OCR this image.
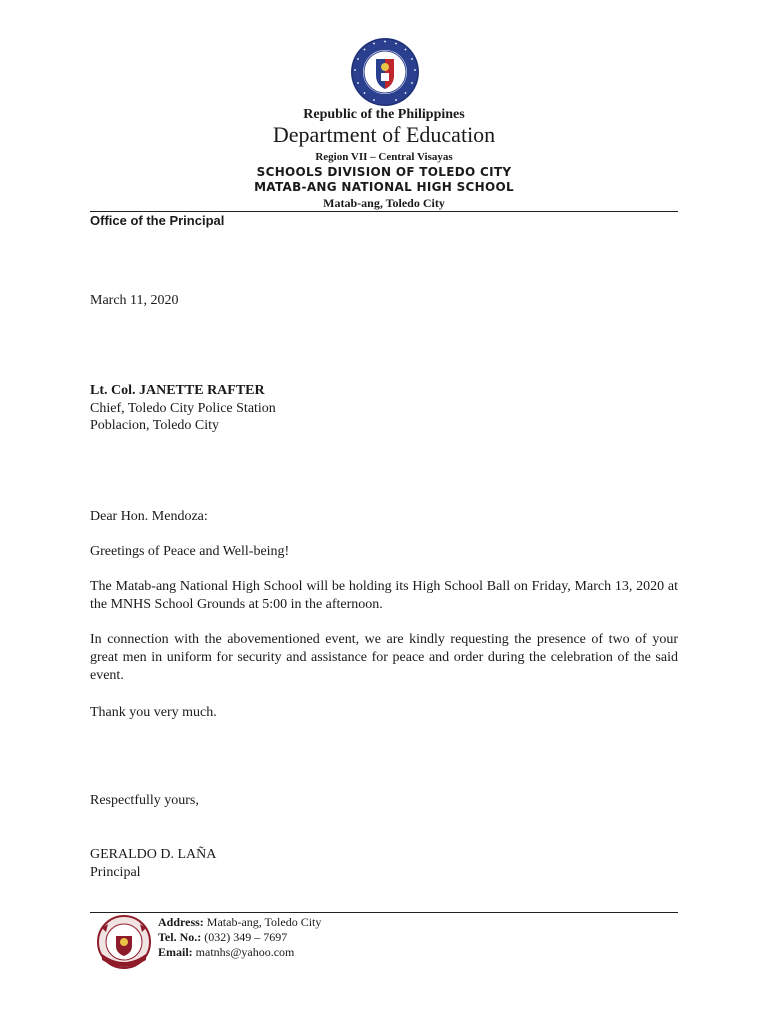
Republic of the Philippines
Department of Education
Region VII – Central Visayas
SCHOOLS DIVISION OF TOLEDO CITY
MATAB-ANG NATIONAL HIGH SCHOOL
Matab-ang, Toledo City
Office of the Principal
March 11, 2020
Lt. Col. JANETTE RAFTER
Chief, Toledo City Police Station
Poblacion, Toledo City
Dear Hon. Mendoza:
Greetings of Peace and Well-being!
The Matab-ang National High School will be holding its High School Ball on Friday, March 13, 2020 at the MNHS School Grounds at 5:00 in the afternoon.
In connection with the abovementioned event, we are kindly requesting the presence of two of your great men in uniform for security and assistance for peace and order during the celebration of the said event.
Thank you very much.
Respectfully yours,
GERALDO D. LAÑA
Principal
Address: Matab-ang, Toledo City
Tel. No.: (032) 349 – 7697
Email: matnhs@yahoo.com
